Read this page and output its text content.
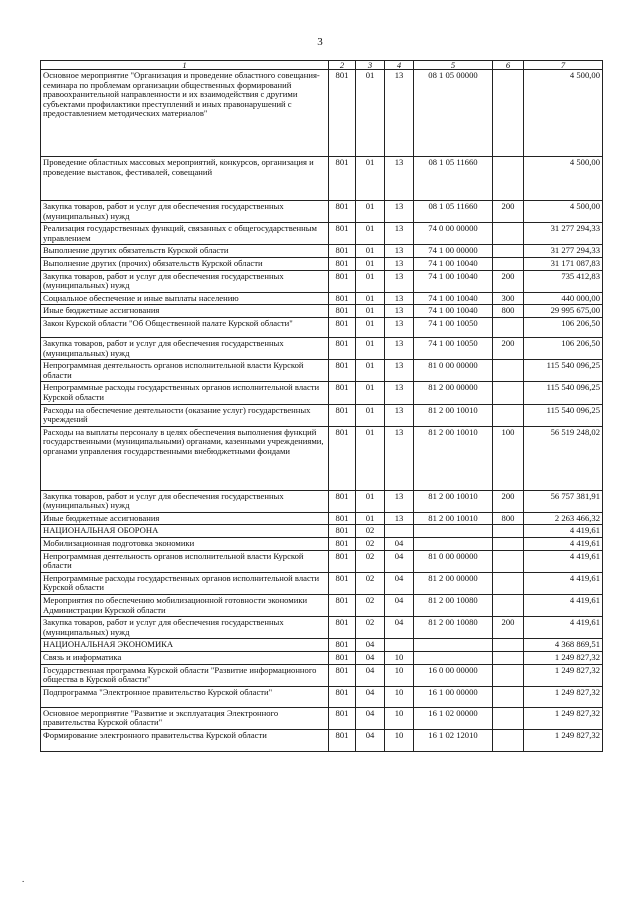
3
1	2	3	4	5	6	7
Основное мероприятие "Организация и проведение областного совещания-семинара по проблемам организации общественных формирований правоохранительной направленности и их взаимодействия с другими субъектами профилактики преступлений и иных правонарушений с предоставлением методических материалов"	801	01	13	08 1 05 00000		4 500,00
Проведение областных массовых мероприятий, конкурсов, организация и проведение выставок, фестивалей, совещаний	801	01	13	08 1 05 11660		4 500,00
Закупка товаров, работ и услуг для обеспечения государственных (муниципальных) нужд	801	01	13	08 1 05 11660	200	4 500,00
Реализация государственных функций, связанных с общегосударственным управлением	801	01	13	74 0 00 00000		31 277 294,33
Выполнение других обязательств Курской области	801	01	13	74 1 00 00000		31 277 294,33
Выполнение других (прочих) обязательств Курской области	801	01	13	74 1 00 10040		31 171 087,83
Закупка товаров, работ и услуг для обеспечения государственных (муниципальных) нужд	801	01	13	74 1 00 10040	200	735 412,83
Социальное обеспечение и иные выплаты населению	801	01	13	74 1 00 10040	300	440 000,00
Иные бюджетные ассигнования	801	01	13	74 1 00 10040	800	29 995 675,00
Закон Курской области "Об Общественной палате Курской области"	801	01	13	74 1 00 10050		106 206,50
Закупка товаров, работ и услуг для обеспечения государственных (муниципальных) нужд	801	01	13	74 1 00 10050	200	106 206,50
Непрограммная деятельность органов исполнительной власти Курской области	801	01	13	81 0 00 00000		115 540 096,25
Непрограммные расходы государственных органов исполнительной власти Курской области	801	01	13	81 2 00 00000		115 540 096,25
Расходы на обеспечение деятельности (оказание услуг) государственных учреждений	801	01	13	81 2 00 10010		115 540 096,25
Расходы на выплаты персоналу в целях обеспечения выполнения функций государственными (муниципальными) органами, казенными учреждениями, органами управления государственными внебюджетными фондами	801	01	13	81 2 00 10010	100	56 519 248,02
Закупка товаров, работ и услуг для обеспечения государственных (муниципальных) нужд	801	01	13	81 2 00 10010	200	56 757 381,91
Иные бюджетные ассигнования	801	01	13	81 2 00 10010	800	2 263 466,32
НАЦИОНАЛЬНАЯ ОБОРОНА	801	02				4 419,61
Мобилизационная подготовка экономики	801	02	04			4 419,61
Непрограммная деятельность органов исполнительной власти Курской области	801	02	04	81 0 00 00000		4 419,61
Непрограммные расходы государственных органов исполнительной власти Курской области	801	02	04	81 2 00 00000		4 419,61
Мероприятия по обеспечению мобилизационной готовности экономики Администрации Курской области	801	02	04	81 2 00 10080		4 419,61
Закупка товаров, работ и услуг для обеспечения государственных (муниципальных) нужд	801	02	04	81 2 00 10080	200	4 419,61
НАЦИОНАЛЬНАЯ ЭКОНОМИКА	801	04				4 368 869,51
Связь и информатика	801	04	10			1 249 827,32
Государственная программа Курской области "Развитие информационного общества в Курской области"	801	04	10	16 0 00 00000		1 249 827,32
Подпрограмма "Электронное правительство Курской области"	801	04	10	16 1 00 00000		1 249 827,32
Основное мероприятие "Развитие и эксплуатация Электронного правительства Курской области"	801	04	10	16 1 02 00000		1 249 827,32
Формирование электронного правительства Курской области	801	04	10	16 1 02 12010		1 249 827,32
.
